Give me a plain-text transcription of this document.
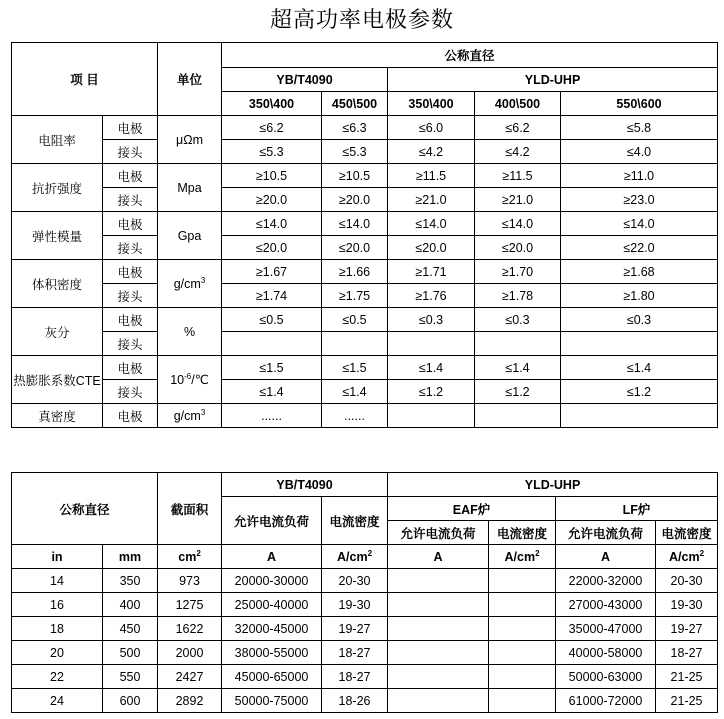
超高功率电极参数
项 目		单位	公称直径				
			YB/T4090		YLD-UHP		
			350\400	450\500	350\400	400\500	550\600
电阻率	电极	μΩm	≤6.2	≤6.3	≤6.0	≤6.2	≤5.8
	接头		≤5.3	≤5.3	≤4.2	≤4.2	≤4.0
抗折强度	电极	Mpa	≥10.5	≥10.5	≥11.5	≥11.5	≥11.0
	接头		≥20.0	≥20.0	≥21.0	≥21.0	≥23.0
弹性模量	电极	Gpa	≤14.0	≤14.0	≤14.0	≤14.0	≤14.0
	接头		≤20.0	≤20.0	≤20.0	≤20.0	≤22.0
体积密度	电极	$g/cm^3$	≥1.67	≥1.66	≥1.71	≥1.70	≥1.68
	接头		≥1.74	≥1.75	≥1.76	≥1.78	≥1.80
灰分	电极	%	≤0.5	≤0.5	≤0.3	≤0.3	≤0.3
	接头						
热膨胀系数CTE	电极	$10^{-6}/℃$	≤1.5	≤1.5	≤1.4	≤1.4	≤1.4
	接头		≤1.4	≤1.4	≤1.2	≤1.2	≤1.2
真密度	电极	$g/cm^3$	......	......			
公称直径		截面积	YB/T4090		YLD-UHP			
			允许电流负荷	电流密度	EAF炉		LF炉	
					允许电流负荷	电流密度	允许电流负荷	电流密度
in	mm	$cm^2$	A	$A/cm^2$	A	$A/cm^2$	A	$A/cm^2$
14	350	973	20000-30000	20-30			22000-32000	20-30
16	400	1275	25000-40000	19-30			27000-43000	19-30
18	450	1622	32000-45000	19-27			35000-47000	19-27
20	500	2000	38000-55000	18-27			40000-58000	18-27
22	550	2427	45000-65000	18-27			50000-63000	21-25
24	600	2892	50000-75000	18-26			61000-72000	21-25
